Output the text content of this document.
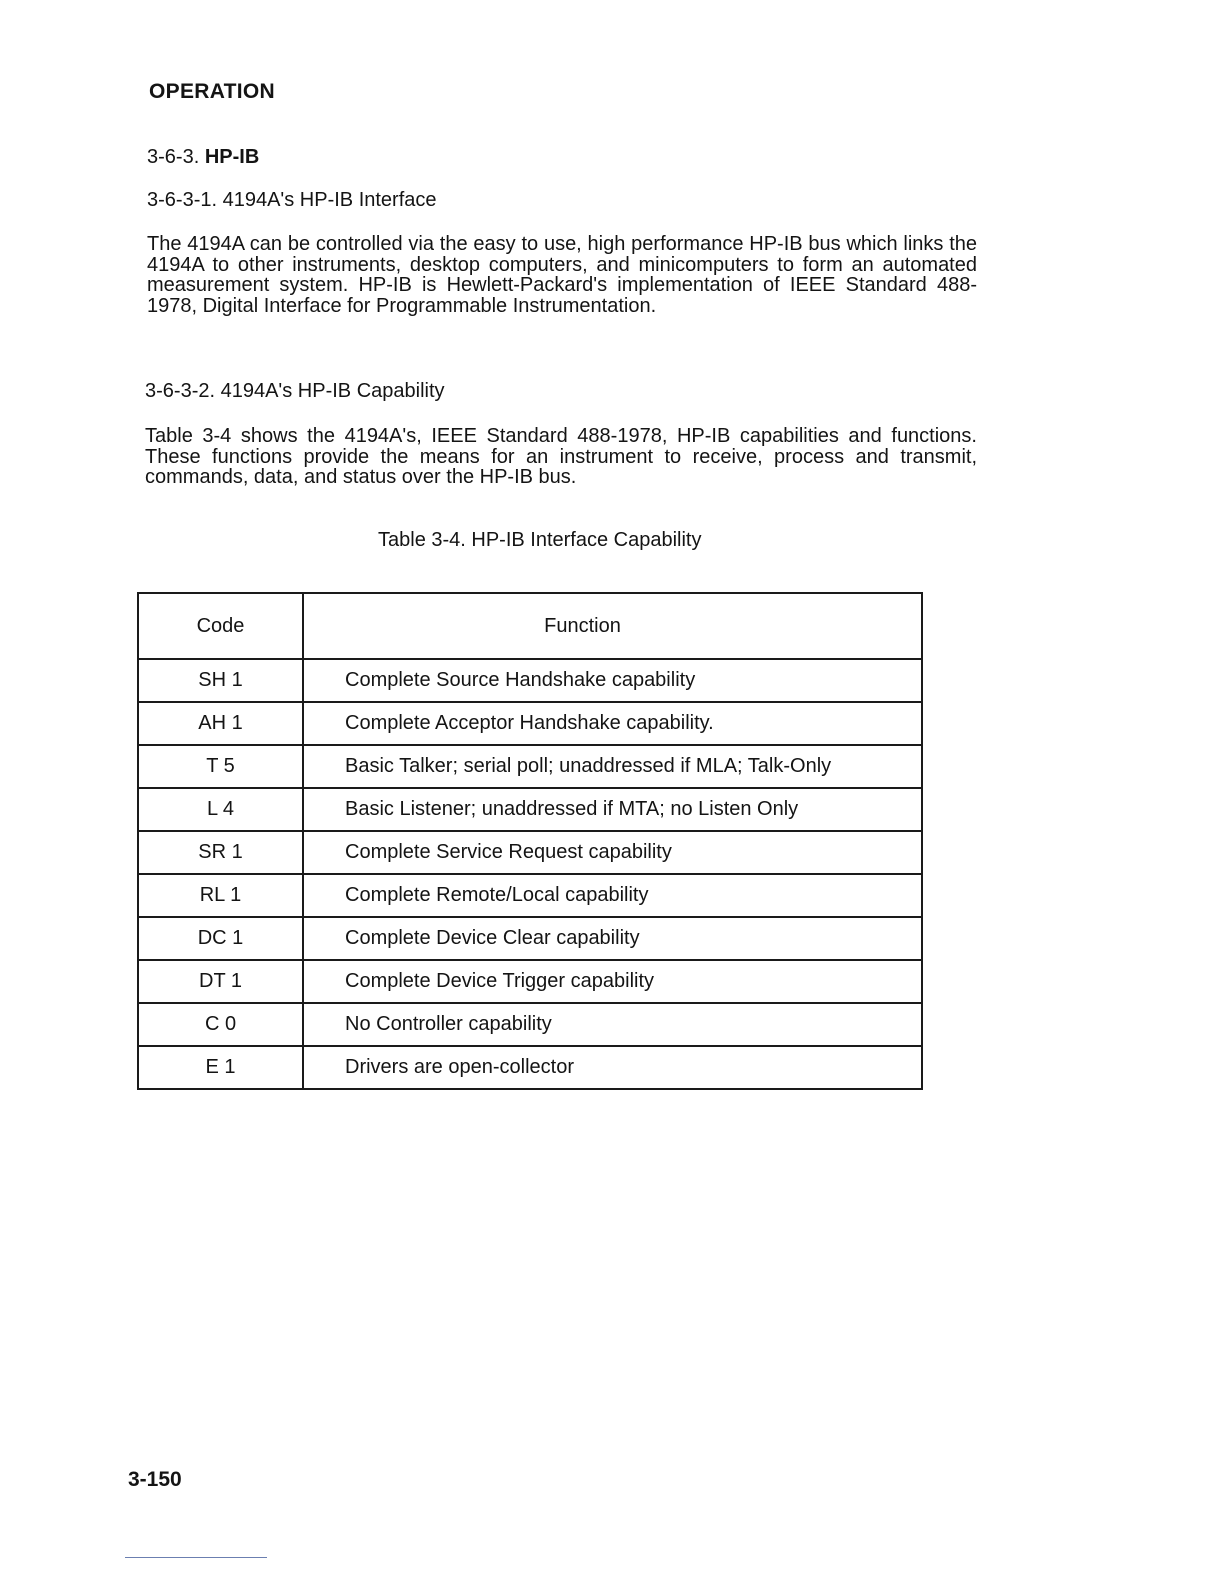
OPERATION
3-6-3. HP-IB
3-6-3-1. 4194A's HP-IB Interface
The 4194A can be controlled via the easy to use, high performance HP-IB bus which links the 4194A to other instruments, desktop computers, and minicomputers to form an automated measurement system. HP-IB is Hewlett-Packard's implementation of IEEE Standard 488-1978, Digital Interface for Programmable Instrumentation.
3-6-3-2. 4194A's HP-IB Capability
Table 3-4 shows the 4194A's, IEEE Standard 488-1978, HP-IB capabilities and functions. These functions provide the means for an instrument to receive, process and transmit, commands, data, and status over the HP-IB bus.
Table 3-4. HP-IB Interface Capability
Code	Function
SH 1	Complete Source Handshake capability
AH 1	Complete Acceptor Handshake capability.
T 5	Basic Talker; serial poll; unaddressed if MLA; Talk-Only
L 4	Basic Listener; unaddressed if MTA; no Listen Only
SR 1	Complete Service Request capability
RL 1	Complete Remote/Local capability
DC 1	Complete Device Clear capability
DT 1	Complete Device Trigger capability
C 0	No Controller capability
E 1	Drivers are open-collector
3-150
